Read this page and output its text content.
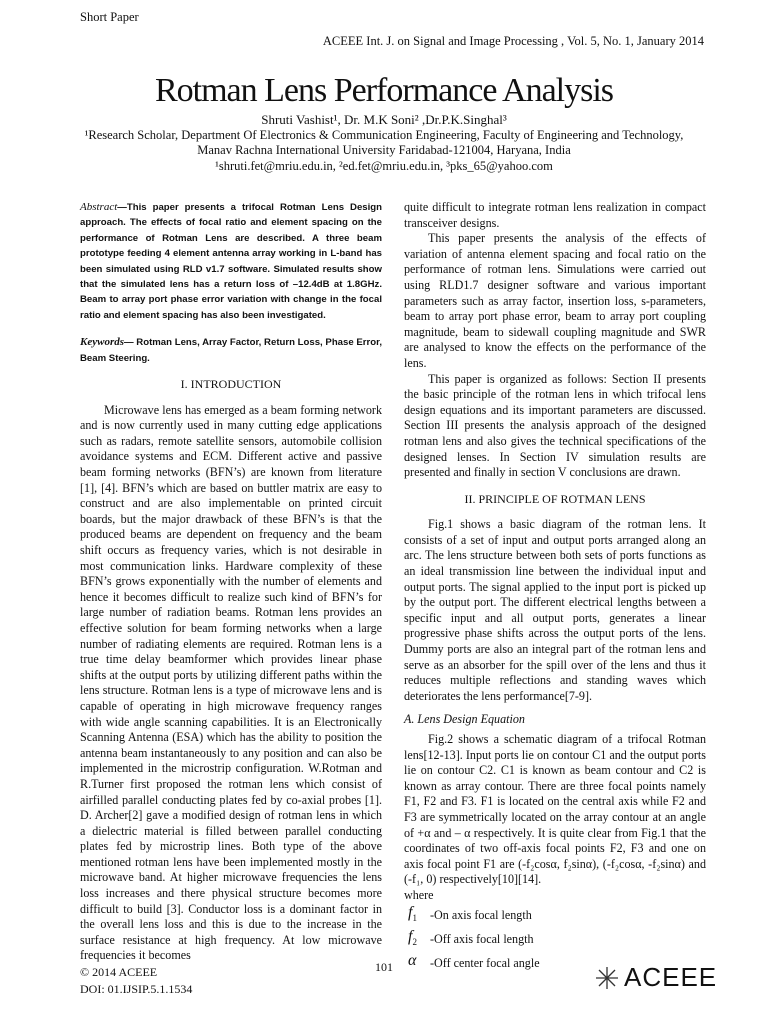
Short Paper
ACEEE Int. J. on Signal and Image Processing , Vol. 5, No. 1, January 2014
Rotman Lens Performance Analysis
Shruti Vashist¹, Dr. M.K Soni² ,Dr.P.K.Singhal³
¹Research Scholar, Department Of Electronics & Communication Engineering, Faculty of Engineering and Technology,
Manav Rachna International University Faridabad-121004, Haryana, India
¹shruti.fet@mriu.edu.in, ²ed.fet@mriu.edu.in, ³pks_65@yahoo.com
Abstract—This paper presents a trifocal Rotman Lens Design approach. The effects of focal ratio and element spacing on the performance of Rotman Lens are described. A three beam prototype feeding 4 element antenna array working in L-band has been simulated using RLD v1.7 software. Simulated results show that the simulated lens has a return loss of –12.4dB at 1.8GHz. Beam to array port phase error variation with change in the focal ratio and element spacing has also been investigated.
Keywords— Rotman Lens, Array Factor, Return Loss, Phase Error, Beam Steering.
I. INTRODUCTION

Microwave lens has emerged as a beam forming network and is now currently used in many cutting edge applications such as radars, remote satellite sensors, automobile collision avoidance systems and ECM. Different active and passive beam forming networks (BFN’s) are known from literature [1], [4]. BFN’s which are based on buttler matrix are easy to construct and are also implementable on printed circuit boards, but the major drawback of these BFN’s is that the produced beams are dependent on frequency and the beam shift occurs as frequency varies, which is not desirable in most communication links. Hardware complexity of these BFN’s grows exponentially with the number of elements and hence it becomes difficult to realize such kind of BFN’s for large number of radiation beams. Rotman lens provides an effective solution for beam forming networks when a large number of radiating elements are required. Rotman lens is a true time delay beamformer which provides linear phase shifts at the output ports by utilizing different paths within the lens structure. Rotman lens is a type of microwave lens and is capable of operating in high microwave frequency ranges with wide angle scanning capabilities. It is an Electronically Scanning Antenna (ESA) which has the ability to position the antenna beam instantaneously to any position and can also be implemented in the microstrip configuration. W.Rotman and R.Turner first proposed the rotman lens which consist of airfilled parallel conducting plates fed by co-axial probes [1]. D. Archer[2] gave a modified design of rotman lens in which a dielectric material is filled between parallel conducting plates fed by microstrip lines. Both type of the above mentioned rotman lens have been implemented mostly in the microwave band. At higher microwave frequencies the lens loss increases and there physical structure becomes more difficult to build [3]. Conductor loss is a dominant factor in the overall lens loss and this is due to the increase in the surface resistance at high frequency. At low microwave frequencies it becomes

quite difficult to integrate rotman lens realization in compact transceiver designs.

This paper presents the analysis of the effects of variation of antenna element spacing and focal ratio on the performance of rotman lens. Simulations were carried out using RLD1.7 designer software and various important parameters such as array factor, insertion loss, s-parameters, beam to array port phase error, beam to array port coupling magnitude, beam to sidewall coupling magnitude and SWR are analysed to know the effects on the performance of the lens.

This paper is organized as follows: Section II presents the basic principle of the rotman lens in which trifocal lens design equations and its important parameters are discussed. Section III presents the analysis approach of the designed rotman lens and also gives the technical specifications of the designed lenses. In Section IV simulation results are presented and finally in section V conclusions are drawn.

II. PRINCIPLE OF ROTMAN LENS

Fig.1 shows a basic diagram of the rotman lens. It consists of a set of input and output ports arranged along an arc. The lens structure between both sets of ports functions as an ideal transmission line between the individual input and output ports. The signal applied to the input port is picked up by the output port. The different electrical lengths between a specific input and all output ports, generates a linear progressive phase shifts across the output ports of the lens. Dummy ports are also an integral part of the rotman lens and serve as an absorber for the spill over of the lens and thus it reduces multiple reflections and standing waves which deteriorates the lens performance[7-9].

A. Lens Design Equation

Fig.2 shows a schematic diagram of a trifocal Rotman lens[12-13]. Input ports lie on contour C1 and the output ports lie on contour C2. C1 is known as beam contour and C2 is known as array contour. There are three focal points namely F1, F2 and F3. F1 is located on the central axis while F2 and F3 are symmetrically located on the array contour at an angle of +α and – α respectively. It is quite clear from Fig.1 that the coordinates of two off-axis focal points F2, F3 and one on axis focal point F1 are (-f₂cosα, f₂sinα), (-f₂cosα, -f₂sinα) and (-f₁, 0) respectively[10][14].

where

$f_1$	-On axis focal length
$f_2$	-Off axis focal length
α	-Off center focal angle
© 2014 ACEEE
DOI: 01.IJSIP.5.1.1534
101	ACEEE
